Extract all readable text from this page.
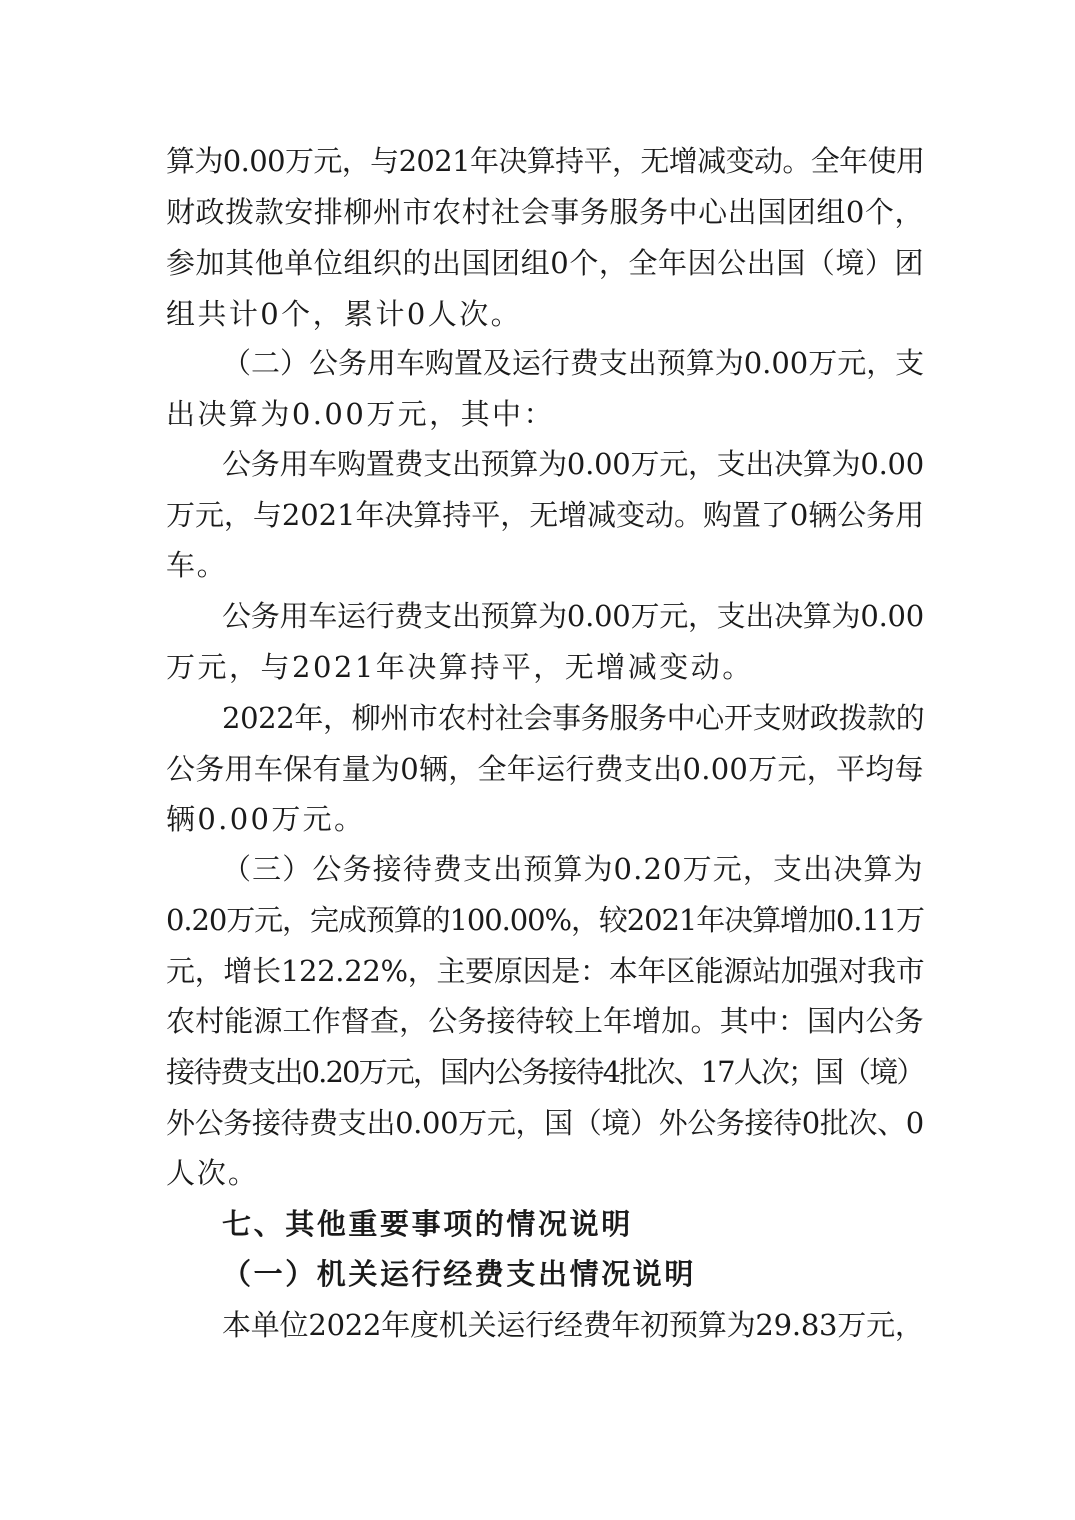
算为0.00万元，与2021年决算持平，无增减变动。全年使用
财政拨款安排柳州市农村社会事务服务中心出国团组0个，
参加其他单位组织的出国团组0个，全年因公出国（境）团
组共计0个，累计0人次。
（二）公务用车购置及运行费支出预算为0.00万元，支
出决算为0.00万元，其中：
公务用车购置费支出预算为0.00万元，支出决算为0.00
万元，与2021年决算持平，无增减变动。购置了0辆公务用
车。
公务用车运行费支出预算为0.00万元，支出决算为0.00
万元，与2021年决算持平，无增减变动。
2022年，柳州市农村社会事务服务中心开支财政拨款的
公务用车保有量为0辆，全年运行费支出0.00万元，平均每
辆0.00万元。
（三）公务接待费支出预算为0.20万元，支出决算为
0.20万元，完成预算的100.00%，较2021年决算增加0.11万
元，增长122.22%，主要原因是：本年区能源站加强对我市
农村能源工作督查，公务接待较上年增加。其中：国内公务
接待费支出0.20万元，国内公务接待4批次、17人次；国（境）
外公务接待费支出0.00万元，国（境）外公务接待0批次、0
人次。
七、其他重要事项的情况说明
（一）机关运行经费支出情况说明
本单位2022年度机关运行经费年初预算为29.83万元，
